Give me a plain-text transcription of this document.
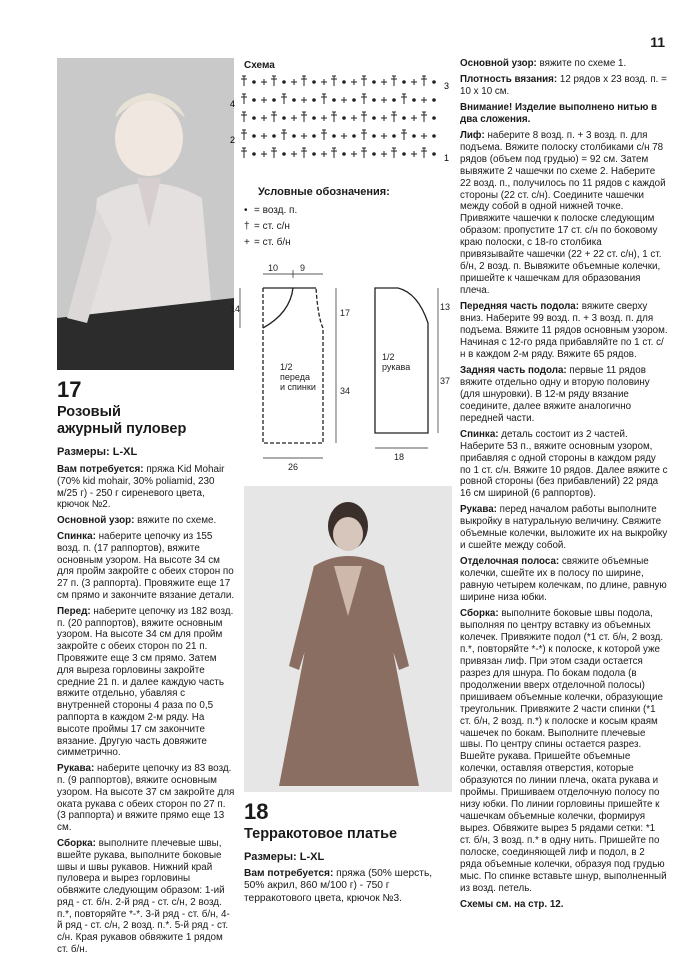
11
17
Розовый
ажурный пуловер
Размеры: L-XL

Вам потребуется: пряжа Kid Mohair (70% kid mohair, 30% poliamid, 230 м/25 г) - 250 г сиреневого цвета, крючок №2.

Основной узор: вяжите по схеме.

Спинка: наберите цепочку из 155 возд. п. (17 раппортов), вяжите основным узором. На высоте 34 см для пройм закройте с обеих сторон по 27 п. (3 раппорта). Провяжите еще 17 см прямо и закончите вязание детали.

Перед: наберите цепочку из 182 возд. п. (20 раппортов), вяжите основным узором. На высоте 34 см для пройм закройте с обеих сторон по 21 п. Провяжите еще 3 см прямо. Затем для выреза горловины закройте средние 21 п. и далее каждую часть вяжите отдельно, убавляя с внутренней стороны 4 раза по 0,5 раппорта в каждом 2-м ряду. На высоте проймы 17 см закончите вязание. Другую часть довяжите симметрично.

Рукава: наберите цепочку из 83 возд. п. (9 раппортов), вяжите основным узором. На высоте 37 см закройте для оката рукава с обеих сторон по 27 п. (3 раппорта) и вяжите прямо еще 13 см.

Сборка: выполните плечевые швы, вшейте рукава, выполните боковые швы и швы рукавов. Нижний край пуловера и вырез горловины обвяжите следующим образом: 1-ий ряд - ст. б/н. 2-й ряд - ст. с/н, 2 возд. п.*, повторяйте *-*. 3-й ряд - ст. б/н, 4-й ряд - ст. с/н, 2 возд. п.*. 5-й ряд - ст. с/н. Края рукавов обвяжите 1 рядом ст. б/н.

Схема
4
2
3
1
Условные обозначения:
• = возд. п.
† = ст. с/н
+ = ст. б/н
10 9
14	17
34
26
1/2
переда
и спинки
13
37
18
1/2
рукава
18
Терракотовое платье
Размеры: L-XL

Вам потребуется: пряжа (50% шерсть, 50% акрил, 860 м/100 г) - 750 г терракотового цвета, крючок №3.

Основной узор: вяжите по схеме 1.

Плотность вязания: 12 рядов х 23 возд. п. = 10 х 10 см.

Внимание! Изделие выполнено нитью в два сложения.

Лиф: наберите 8 возд. п. + 3 возд. п. для подъема. Вяжите полоску столбиками с/н 78 рядов (объем под грудью) = 92 см. Затем вывяжите 2 чашечки по схеме 2. Наберите 22 возд. п., получилось по 11 рядов с каждой стороны (22 ст. с/н). Соедините чашечки между собой в одной нижней точке. Привяжите чашечки к полоске следующим образом: пропустите 17 ст. с/н по боковому краю полоски, с 18-го столбика привязывайте чашечки (22 + 22 ст. с/н), 1 ст. б/н, 2 возд. п. Вывяжите объемные колечки, пришейте к чашечкам для образования плеча.

Передняя часть подола: вяжите сверху вниз. Наберите 99 возд. п. + 3 возд. п. для подъема. Вяжите 11 рядов основным узором. Начиная с 12-го ряда прибавляйте по 1 ст. с/н в каждом 2-м ряду. Вяжите 65 рядов.

Задняя часть подола: первые 11 рядов вяжите отдельно одну и вторую половину (для шнуровки). В 12-м ряду вязание соедините, далее вяжите аналогично передней части.

Спинка: деталь состоит из 2 частей. Наберите 53 п., вяжите основным узором, прибавляя с одной стороны в каждом ряду по 1 ст. с/н. Вяжите 10 рядов. Далее вяжите с ровной стороны (без прибавлений) 22 ряда 16 см шириной (6 раппортов).

Рукава: перед началом работы выполните выкройку в натуральную величину. Свяжите объемные колечки, выложите их на выкройку и сшейте между собой.

Отделочная полоса: свяжите объемные колечки, сшейте их в полосу по ширине, равную четырем колечкам, по длине, равную ширине низа юбки.

Сборка: выполните боковые швы подола, выполняя по центру вставку из объемных колечек. Привяжите подол (*1 ст. б/н, 2 возд. п.*, повторяйте *-*) к полоске, к которой уже привязан лиф. При этом сзади остается разрез для шнура. По бокам подола (в продолжении вверх отделочной полосы) пришиваем объемные колечки, образующие треугольник. Привяжите 2 части спинки (*1 ст. б/н, 2 возд. п.*) к полоске и косым краям чашечек по бокам. Выполните плечевые швы. По центру спины остается разрез. Вшейте рукава. Пришейте объемные колечки, оставляя отверстия, которые образуются по линии плеча, оката рукава и проймы. Пришиваем отделочную полосу по низу юбки. По линии горловины пришейте к чашечкам объемные колечки, формируя вырез. Обвяжите вырез 5 рядами сетки: *1 ст. б/н, 3 возд. п.* в одну нить. Пришейте по полоске, соединяющей лиф и подол, в 2 ряда объемные колечки, образуя под грудью мыс. По спинке вставьте шнур, выполненный из возд. петель.

Схемы см. на стр. 12.
